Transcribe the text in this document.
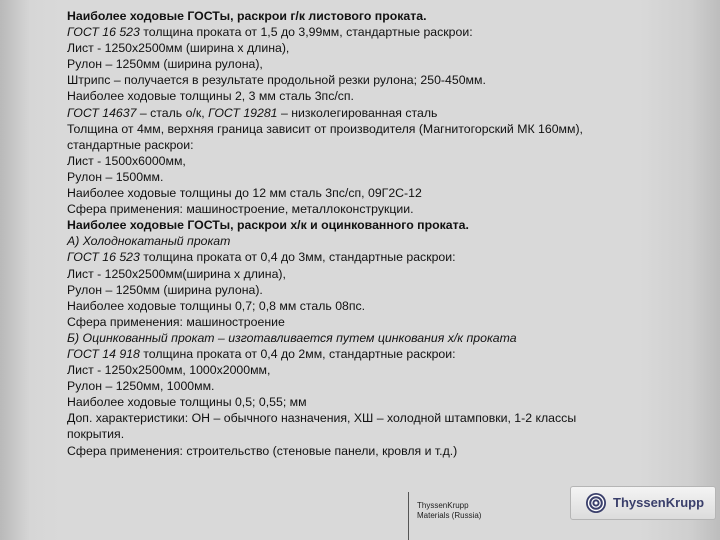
Наиболее ходовые ГОСТы, раскрои г/к листового проката.

ГОСТ 16 523 толщина проката от 1,5 до 3,99мм, стандартные раскрои:

Лист - 1250х2500мм (ширина х длина),

Рулон – 1250мм (ширина рулона),

Штрипс – получается в результате продольной резки рулона; 250-450мм.

Наиболее ходовые толщины 2, 3 мм сталь 3пс/сп.

ГОСТ 14637 – сталь о/к, ГОСТ 19281 – низколегированная сталь

Толщина от 4мм, верхняя граница зависит от производителя (Магнитогорский МК 160мм),

стандартные раскрои:

Лист - 1500х6000мм,

Рулон – 1500мм.

Наиболее ходовые толщины до 12 мм сталь 3пс/сп, 09Г2С-12

Сфера применения: машиностроение, металлоконструкции.

Наиболее ходовые ГОСТы, раскрои х/к и оцинкованного проката.

А) Холоднокатаный прокат

ГОСТ 16 523 толщина проката от 0,4 до 3мм, стандартные раскрои:

Лист - 1250х2500мм(ширина х длина),

Рулон – 1250мм (ширина рулона).

Наиболее ходовые толщины 0,7; 0,8 мм сталь 08пс.

Сфера применения: машиностроение

Б) Оцинкованный прокат – изготавливается путем цинкования х/к проката

ГОСТ 14 918 толщина проката от 0,4 до 2мм, стандартные раскрои:

Лист - 1250х2500мм, 1000х2000мм,

Рулон – 1250мм, 1000мм.

Наиболее ходовые толщины 0,5; 0,55; мм

Доп. характеристики: ОН – обычного назначения, ХШ – холодной штамповки, 1-2 классы

покрытия.

Сфера применения: строительство (стеновые панели, кровля и т.д.)

ThyssenKrupp
Materials (Russia)
ThyssenKrupp
